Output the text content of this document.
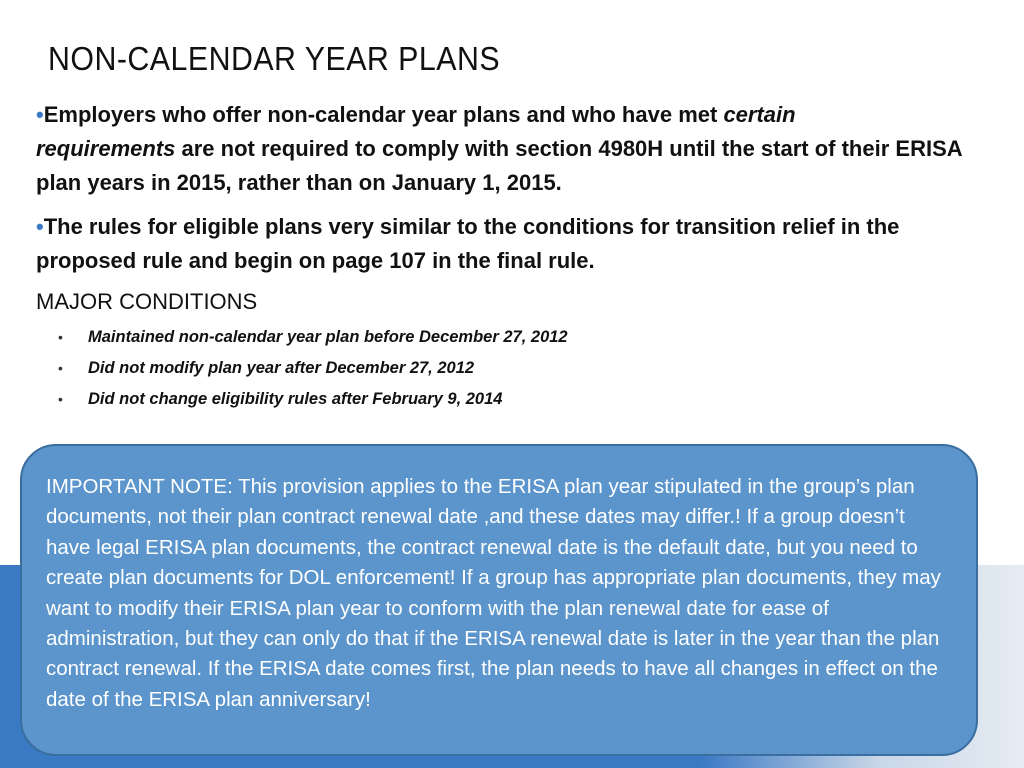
NON-CALENDAR YEAR PLANS

•Employers who offer non-calendar year plans and who have met certain
requirements are not required to comply with section 4980H until the start of their ERISA plan years in 2015, rather than on January 1, 2015.

•The rules for eligible plans very similar to the conditions for transition relief in the proposed rule and begin on page 107 in the final rule.

MAJOR CONDITIONS
• Maintained non-calendar year plan before December 27, 2012
• Did not modify plan year after December 27, 2012
• Did not change eligibility rules after February 9, 2014
IMPORTANT NOTE: This provision applies to the ERISA plan year stipulated in the group’s plan documents, not their plan contract renewal date ,and these dates may differ.! If a group doesn’t have legal ERISA plan documents, the contract renewal date is the default date, but you need to create plan documents for DOL enforcement! If a group has appropriate plan documents, they may want to modify their ERISA plan year to conform with the plan renewal date for ease of administration, but they can only do that if the ERISA renewal date is later in the year than the plan contract renewal. If the ERISA date comes first, the plan needs to have all changes in effect on the date of the ERISA plan anniversary!
